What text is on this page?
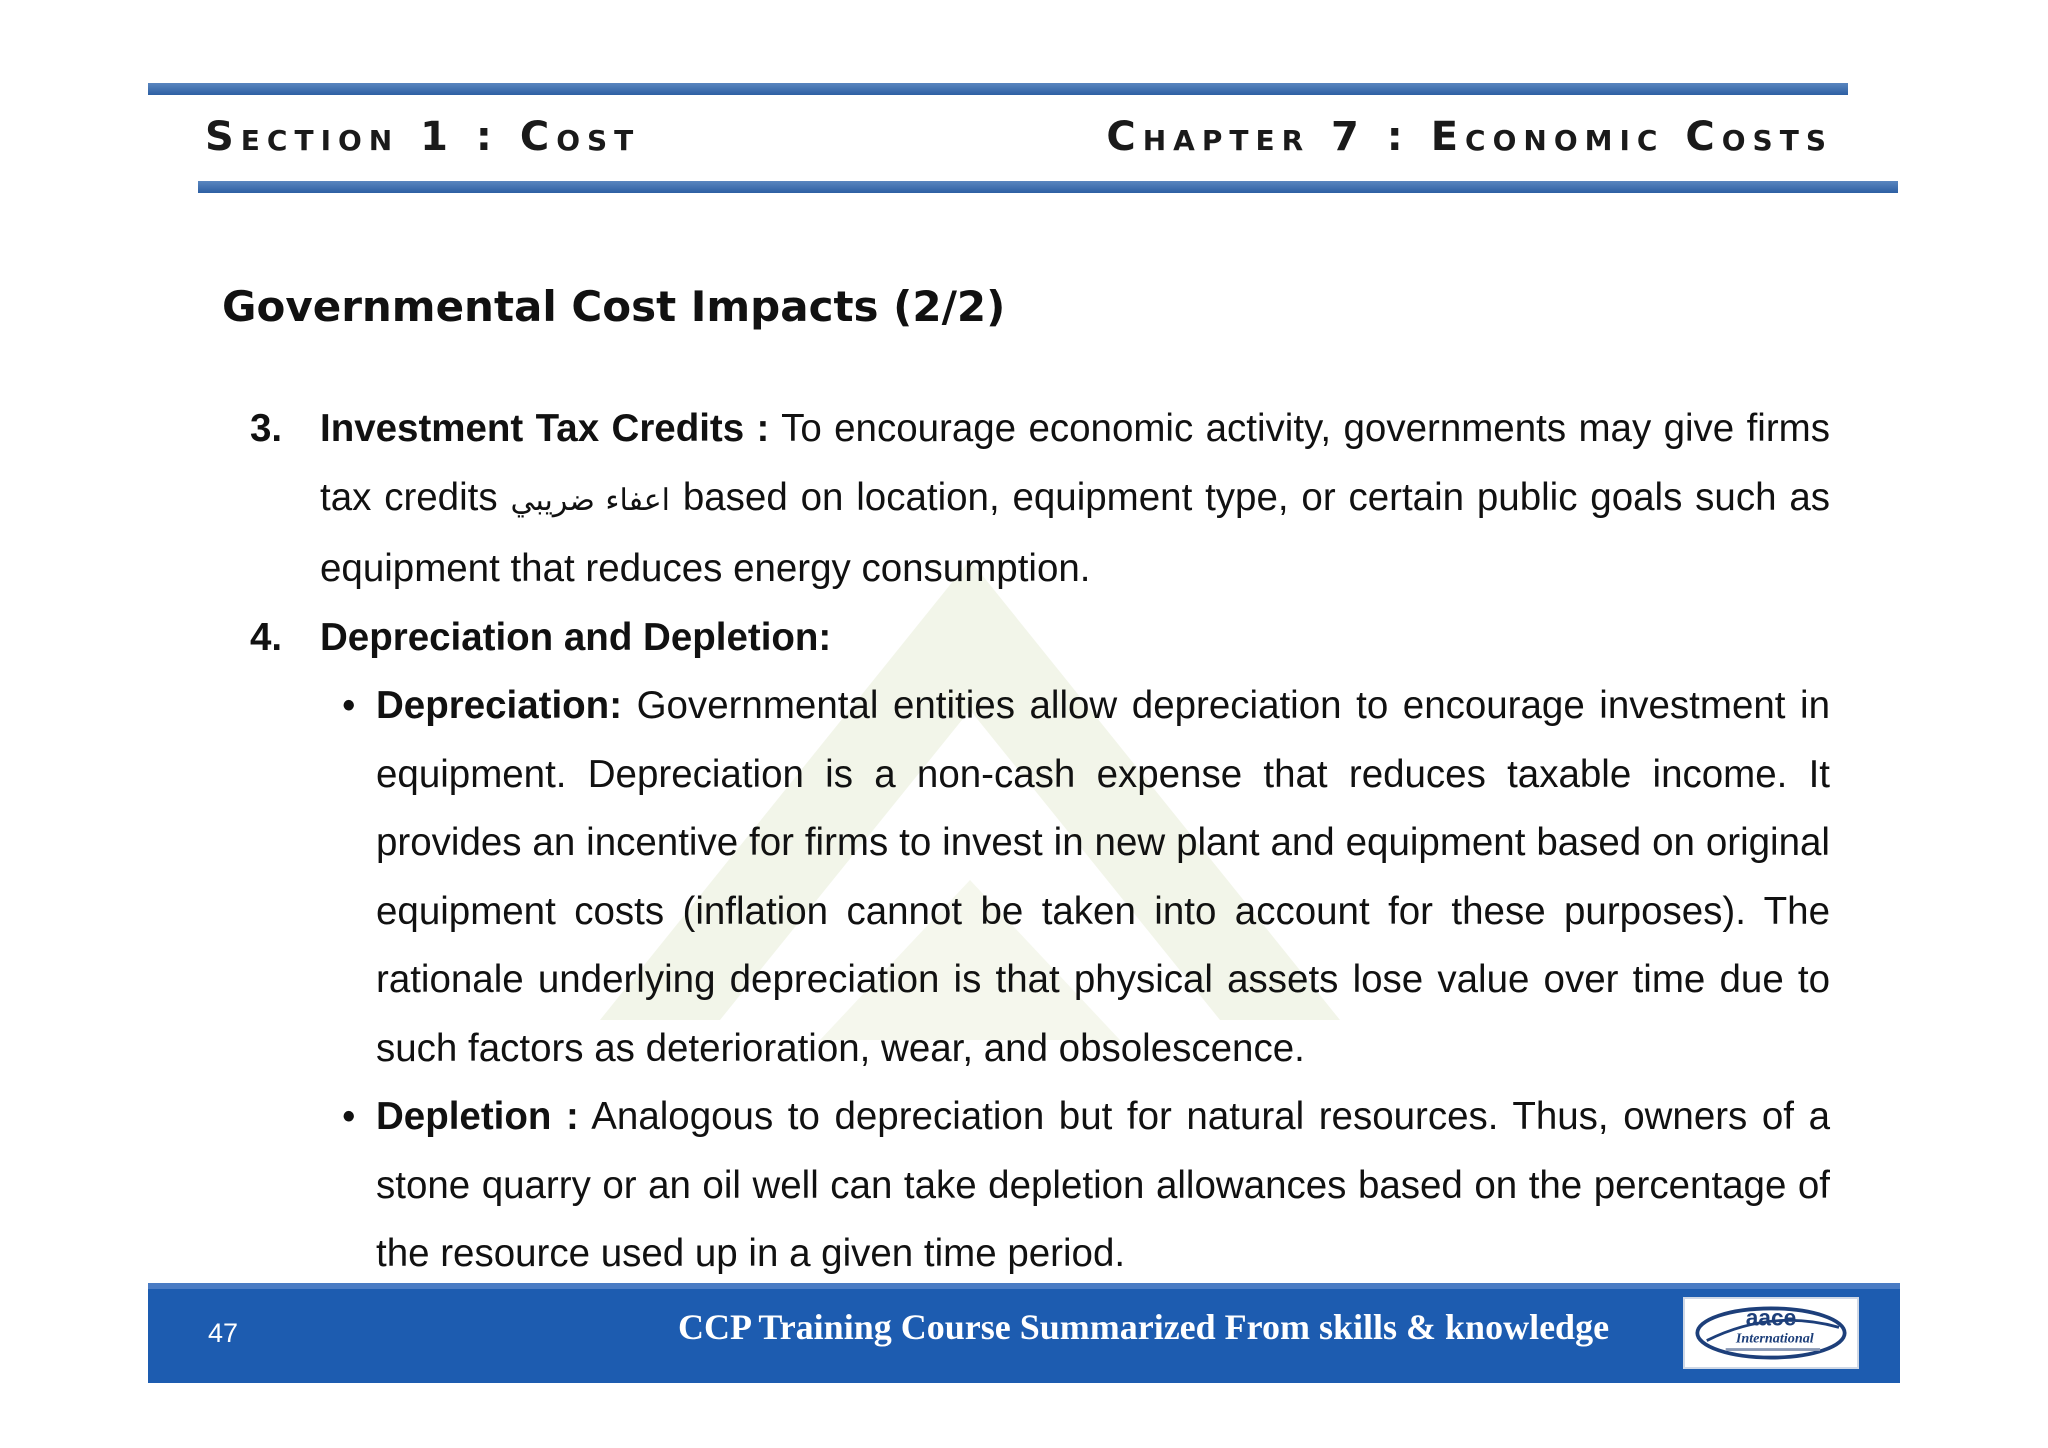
Section 1 : Cost	Chapter 7 : Economic Costs
Governmental Cost Impacts (2/2)
3. Investment Tax Credits : To encourage economic activity, governments may give firms tax credits اعفاء ضريبي based on location, equipment type, or certain public goals such as equipment that reduces energy consumption.
4. Depreciation and Depletion:
• Depreciation: Governmental entities allow depreciation to encourage investment in equipment. Depreciation is a non-cash expense that reduces taxable income. It provides an incentive for firms to invest in new plant and equipment based on original equipment costs (inflation cannot be taken into account for these purposes). The rationale underlying depreciation is that physical assets lose value over time due to such factors as deterioration, wear, and obsolescence.
• Depletion : Analogous to depreciation but for natural resources. Thus, owners of a stone quarry or an oil well can take depletion allowances based on the percentage of the resource used up in a given time period.
47	CCP Training Course Summarized From skills & knowledge	aace
International
